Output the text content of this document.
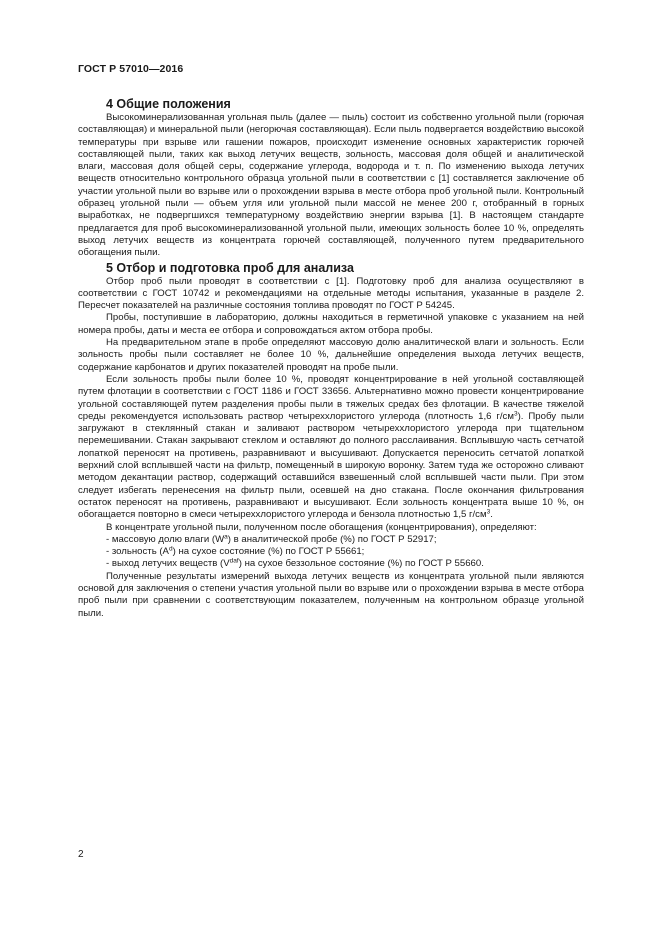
ГОСТ Р 57010—2016
4 Общие положения

Высокоминерализованная угольная пыль (далее — пыль) состоит из собственно угольной пыли (горючая составляющая) и минеральной пыли (негорючая составляющая). Если пыль подвергается воздействию высокой температуры при взрыве или гашении пожаров, происходит изменение основных характеристик горючей составляющей пыли, таких как выход летучих веществ, зольность, массовая доля общей и аналитической влаги, массовая доля общей серы, содержание углерода, водорода и т. п. По изменению выхода летучих веществ относительно контрольного образца угольной пыли в соответствии с [1] составляется заключение об участии угольной пыли во взрыве или о прохождении взрыва в месте отбора проб угольной пыли. Контрольный образец угольной пыли — объем угля или угольной пыли массой не менее 200 г, отобранный в горных выработках, не подвергшихся температурному воздействию энергии взрыва [1]. В настоящем стандарте предлагается для проб высокоминерализованной угольной пыли, имеющих зольность более 10 %, определять выход летучих веществ из концентрата горючей составляющей, полученного путем предварительного обогащения пыли.

5 Отбор и подготовка проб для анализа

Отбор проб пыли проводят в соответствии с [1]. Подготовку проб для анализа осуществляют в соответствии с ГОСТ 10742 и рекомендациями на отдельные методы испытания, указанные в разделе 2. Пересчет показателей на различные состояния топлива проводят по ГОСТ Р 54245.

Пробы, поступившие в лабораторию, должны находиться в герметичной упаковке с указанием на ней номера пробы, даты и места ее отбора и сопровождаться актом отбора пробы.

На предварительном этапе в пробе определяют массовую долю аналитической влаги и зольность. Если зольность пробы пыли составляет не более 10 %, дальнейшие определения выхода летучих веществ, содержание карбонатов и других показателей проводят на пробе пыли.

Если зольность пробы пыли более 10 %, проводят концентрирование в ней угольной составляющей путем флотации в соответствии с ГОСТ 1186 и ГОСТ 33656. Альтернативно можно провести концентрирование угольной составляющей путем разделения пробы пыли в тяжелых средах без флотации. В качестве тяжелой среды рекомендуется использовать раствор четыреххлористого углерода (плотность 1,6 $г/см^3$). Пробу пыли загружают в стеклянный стакан и заливают раствором четыреххлористого углерода при тщательном перемешивании. Стакан закрывают стеклом и оставляют до полного расслаивания. Всплывшую часть сетчатой лопаткой переносят на противень, разравнивают и высушивают. Допускается переносить сетчатой лопаткой верхний слой всплывшей части на фильтр, помещенный в широкую воронку. Затем туда же осторожно сливают методом декантации раствор, содержащий оставшийся взвешенный слой всплывшей части пыли. При этом следует избегать перенесения на фильтр пыли, осевшей на дно стакана. После окончания фильтрования остаток переносят на противень, разравнивают и высушивают. Если зольность концентрата выше 10 %, он обогащается повторно в смеси четыреххлористого углерода и бензола плотностью 1,5 $г/см^3$.

В концентрате угольной пыли, полученном после обогащения (концентрирования), определяют:

- массовую долю влаги $(W^a)$ в аналитической пробе (%) по ГОСТ Р 52917;

- зольность $(A^d)$ на сухое состояние (%) по ГОСТ Р 55661;

- выход летучих веществ $(V^{daf})$ на сухое беззольное состояние (%) по ГОСТ Р 55660.

Полученные результаты измерений выхода летучих веществ из концентрата угольной пыли являются основой для заключения о степени участия угольной пыли во взрыве или о прохождении взрыва в месте отбора проб пыли при сравнении с соответствующим показателем, полученным на контрольном образце угольной пыли.

2
